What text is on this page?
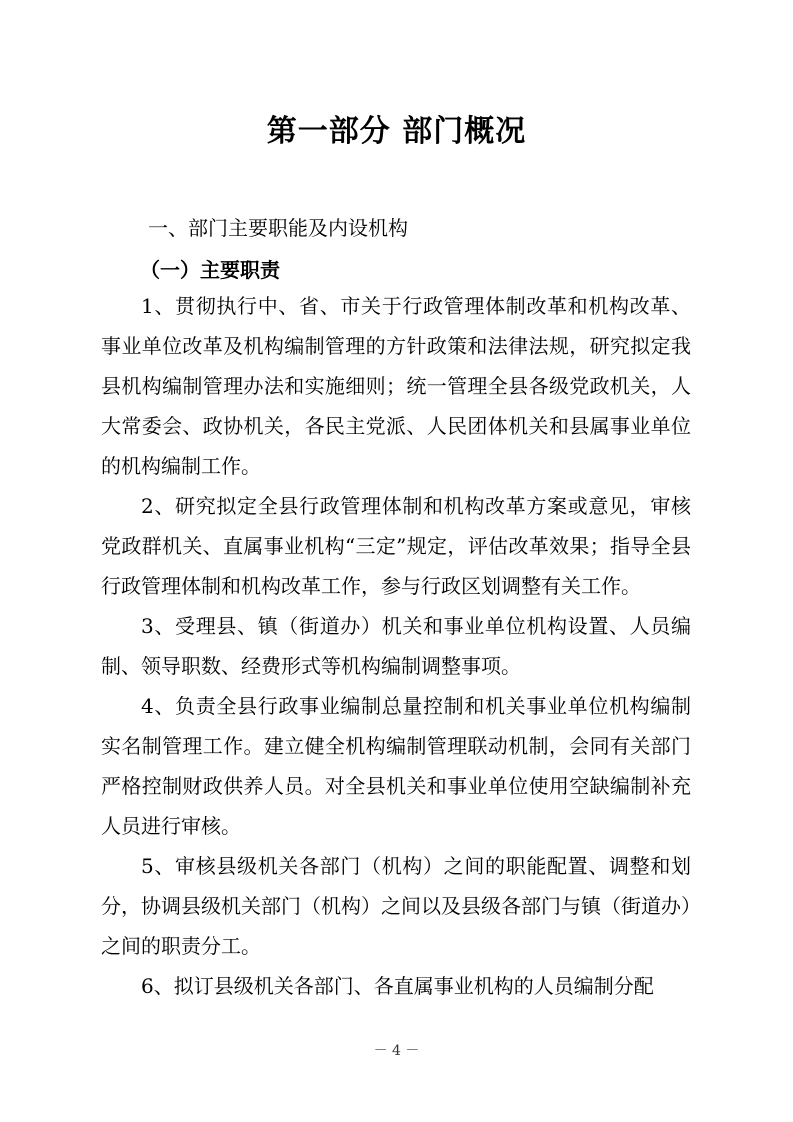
第一部分 部门概况
一、部门主要职能及内设机构
（一）主要职责

1、贯彻执行中、省、市关于行政管理体制改革和机构改革、事业单位改革及机构编制管理的方针政策和法律法规，研究拟定我县机构编制管理办法和实施细则；统一管理全县各级党政机关，人大常委会、政协机关，各民主党派、人民团体机关和县属事业单位的机构编制工作。

2、研究拟定全县行政管理体制和机构改革方案或意见，审核党政群机关、直属事业机构“三定”规定，评估改革效果；指导全县行政管理体制和机构改革工作，参与行政区划调整有关工作。

3、受理县、镇（街道办）机关和事业单位机构设置、人员编制、领导职数、经费形式等机构编制调整事项。

4、负责全县行政事业编制总量控制和机关事业单位机构编制实名制管理工作。建立健全机构编制管理联动机制，会同有关部门严格控制财政供养人员。对全县机关和事业单位使用空缺编制补充人员进行审核。

5、审核县级机关各部门（机构）之间的职能配置、调整和划分，协调县级机关部门（机构）之间以及县级各部门与镇（街道办）之间的职责分工。

6、拟订县级机关各部门、各直属事业机构的人员编制分配

－ 4 －
